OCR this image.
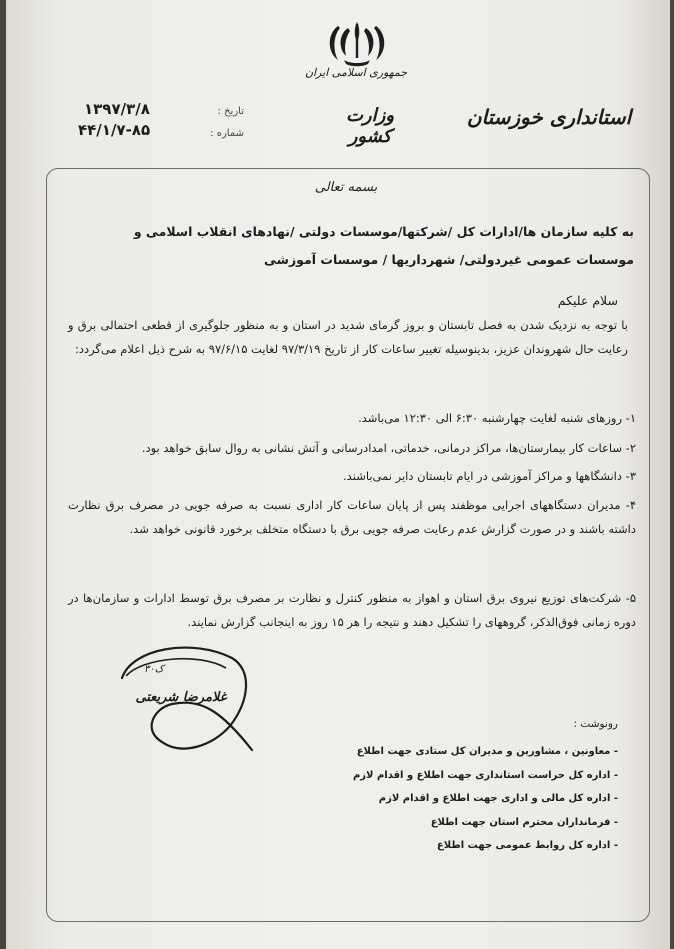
جمهوری اسلامی ایران
وزارت کشور
استانداری خوزستان
۱۳۹۷/۳/۸	تاریخ :
۴۴/۱/۷-۸۵	شماره :
بسمه تعالی
به کلیه سازمان ها/ادارات کل /شرکتها/موسسات دولتی /نهادهای انقلاب اسلامی و موسسات عمومی غیردولتی/ شهرداریها / موسسات آموزشی
سلام علیکم
با توجه به نزدیک شدن به فصل تابستان و بروز گرمای شدید در استان و به منظور جلوگیری از قطعی احتمالی برق و رعایت حال شهروندان عزیز، بدینوسیله تغییر ساعات کار از تاریخ ۹۷/۳/۱۹ لغایت ۹۷/۶/۱۵ به شرح ذیل اعلام می‌گردد:
۱- روزهای شنبه لغایت چهارشنبه ۶:۳۰ الی ۱۲:۳۰ می‌باشد.
۲- ساعات کار بیمارستان‌ها، مراکز درمانی، خدماتی، امدادرسانی و آتش نشانی به روال سابق خواهد بود.
۳- دانشگاهها و مراکز آموزشی در ایام تابستان دایر نمی‌باشند.
۴- مدیران دستگاههای اجرایی موظفند پس از پایان ساعات کار اداری نسبت به صرفه جویی در مصرف برق نظارت داشته باشند و در صورت گزارش عدم رعایت صرفه جویی برق با دستگاه متخلف برخورد قانونی خواهد شد.
۵- شرکت‌های توزیع نیروی برق استان و اهواز به منظور کنترل و نظارت بر مصرف برق توسط ادارات و سازمان‌ها در دوره زمانی فوق‌الذکر، گروههای را تشکیل دهند و نتیجه را هر ۱۵ روز به اینجانب گزارش نمایند.
۳۰ک
غلامرضا شریعتی
رونوشت :
- معاونین ، مشاورین و مدیران کل ستادی جهت اطلاع
- اداره کل حراست استانداری جهت اطلاع و اقدام لازم
- اداره کل مالی و اداری جهت اطلاع و اقدام لازم
- فرمانداران محترم استان جهت اطلاع
- اداره کل روابط عمومی جهت اطلاع
